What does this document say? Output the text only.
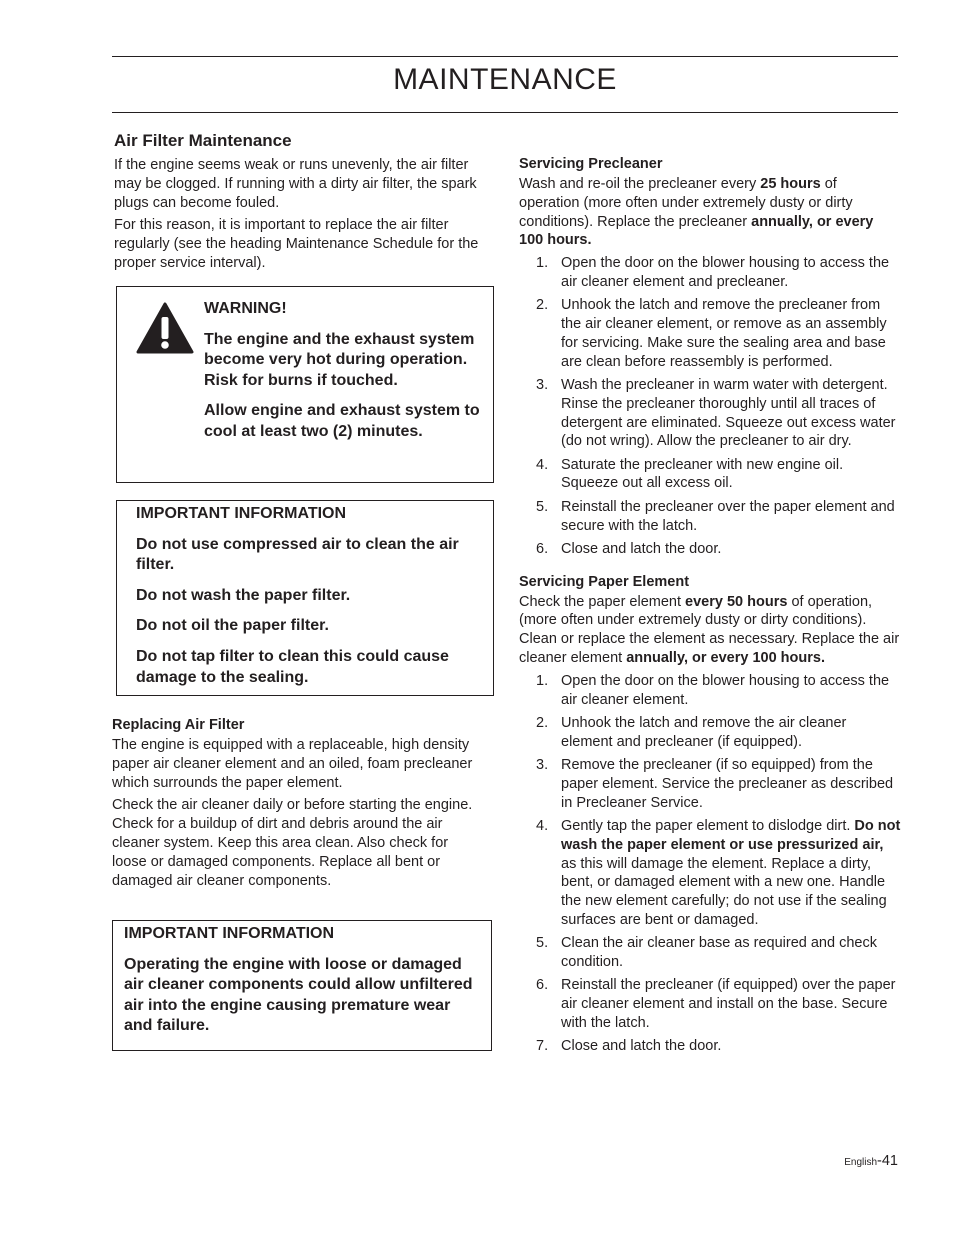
MAINTENANCE
Air Filter Maintenance

If the engine seems weak or runs unevenly, the air filter may be clogged. If running with a dirty air filter, the spark plugs can become fouled.

For this reason, it is important to replace the air filter regularly (see the heading Maintenance Schedule for the proper service interval).

WARNING!

The engine and the exhaust system become very hot during operation. Risk for burns if touched.

Allow engine and exhaust system to cool at least two (2) minutes.

IMPORTANT INFORMATION

Do not use compressed air to clean the air filter.

Do not wash the paper filter.

Do not oil the paper filter.

Do not tap filter to clean this could cause damage to the sealing.

Replacing Air Filter

The engine is equipped with a replaceable, high density paper air cleaner element and an oiled, foam precleaner which surrounds the paper element.

Check the air cleaner daily or before starting the engine. Check for a buildup of dirt and debris around the air cleaner system. Keep this area clean. Also check for loose or damaged components. Replace all bent or damaged air cleaner components.

IMPORTANT INFORMATION

Operating the engine with loose or damaged air cleaner components could allow unfiltered air into the engine causing premature wear and failure.

Servicing Precleaner

Wash and re-oil the precleaner every 25 hours of operation (more often under extremely dusty or dirty conditions). Replace the precleaner annually, or every 100 hours.

1. Open the door on the blower housing to access the air cleaner element and precleaner.
2. Unhook the latch and remove the precleaner from the air cleaner element, or remove as an assembly for servicing. Make sure the sealing area and base are clean before reassembly is performed.
3. Wash the precleaner in warm water with detergent. Rinse the precleaner thoroughly until all traces of detergent are eliminated. Squeeze out excess water (do not wring). Allow the precleaner to air dry.
4. Saturate the precleaner with new engine oil. Squeeze out all excess oil.
5. Reinstall the precleaner over the paper element and secure with the latch.
6. Close and latch the door.
Servicing Paper Element

Check the paper element every 50 hours of operation, (more often under extremely dusty or dirty conditions). Clean or replace the element as necessary. Replace the air cleaner element annually, or every 100 hours.

1. Open the door on the blower housing to access the air cleaner element.
2. Unhook the latch and remove the air cleaner element and precleaner (if equipped).
3. Remove the precleaner (if so equipped) from the paper element. Service the precleaner as described in Precleaner Service.
4. Gently tap the paper element to dislodge dirt. Do not wash the paper element or use pressurized air, as this will damage the element. Replace a dirty, bent, or damaged element with a new one. Handle the new element carefully; do not use if the sealing surfaces are bent or damaged.
5. Clean the air cleaner base as required and check condition.
6. Reinstall the precleaner (if equipped) over the paper air cleaner element and install on the base. Secure with the latch.
7. Close and latch the door.
English-41
